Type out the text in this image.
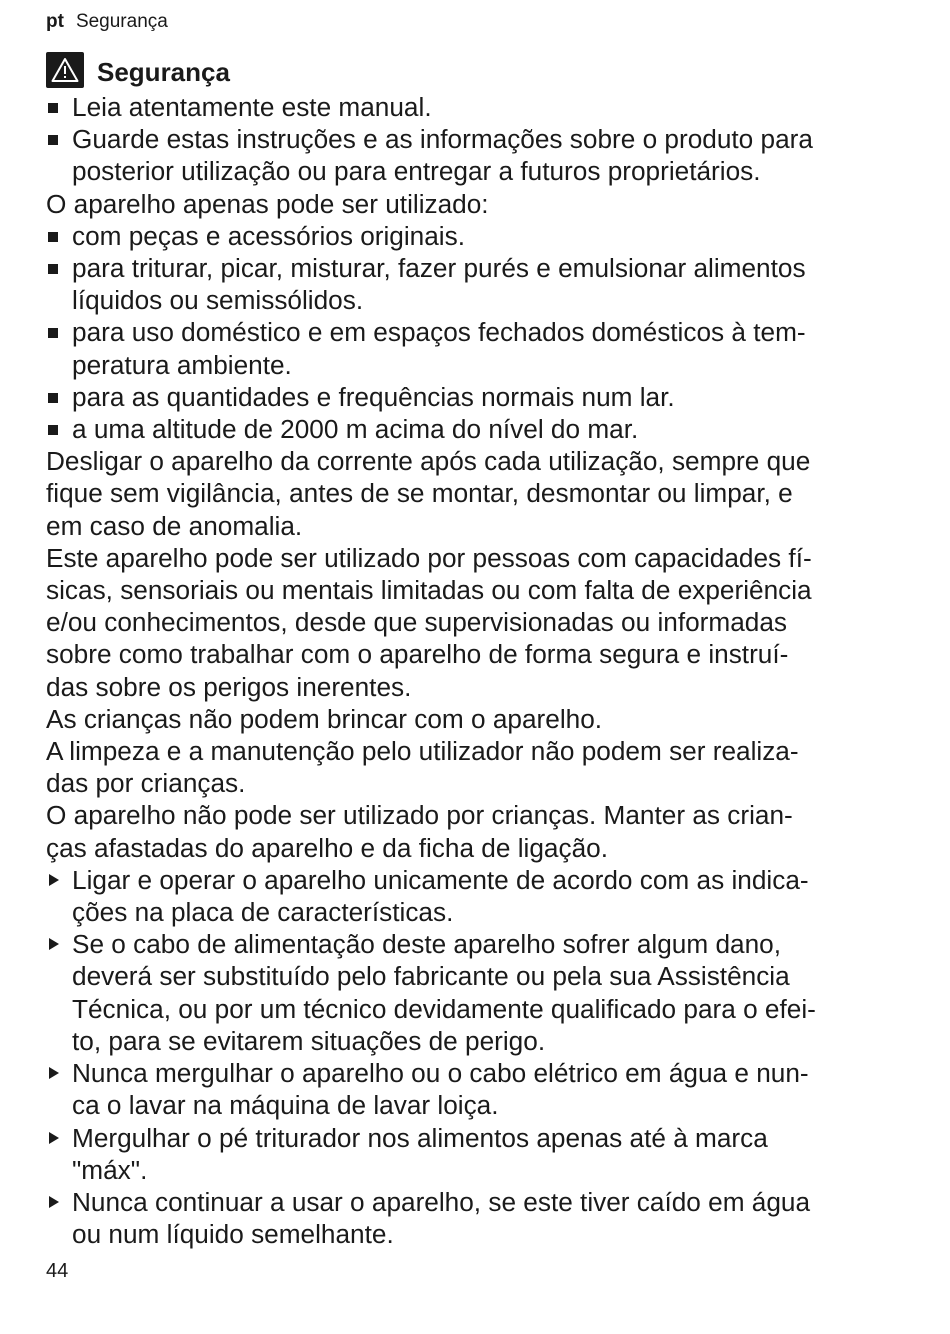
pt Segurança
Segurança
Leia atentamente este manual.
Guarde estas instruções e as informações sobre o produto para
posterior utilização ou para entregar a futuros proprietários.
O aparelho apenas pode ser utilizado:
com peças e acessórios originais.
para triturar, picar, misturar, fazer purés e emulsionar alimentos
líquidos ou semissólidos.
para uso doméstico e em espaços fechados domésticos à tem-
peratura ambiente.
para as quantidades e frequências normais num lar.
a uma altitude de 2000 m acima do nível do mar.
Desligar o aparelho da corrente após cada utilização, sempre que
fique sem vigilância, antes de se montar, desmontar ou limpar, e
em caso de anomalia.
Este aparelho pode ser utilizado por pessoas com capacidades fí-
sicas, sensoriais ou mentais limitadas ou com falta de experiência
e/ou conhecimentos, desde que supervisionadas ou informadas
sobre como trabalhar com o aparelho de forma segura e instruí-
das sobre os perigos inerentes.
As crianças não podem brincar com o aparelho.
A limpeza e a manutenção pelo utilizador não podem ser realiza-
das por crianças.
O aparelho não pode ser utilizado por crianças. Manter as crian-
ças afastadas do aparelho e da ficha de ligação.
Ligar e operar o aparelho unicamente de acordo com as indica-
ções na placa de características.
Se o cabo de alimentação deste aparelho sofrer algum dano,
deverá ser substituído pelo fabricante ou pela sua Assistência
Técnica, ou por um técnico devidamente qualificado para o efei-
to, para se evitarem situações de perigo.
Nunca mergulhar o aparelho ou o cabo elétrico em água e nun-
ca o lavar na máquina de lavar loiça.
Mergulhar o pé triturador nos alimentos apenas até à marca
"máx".
Nunca continuar a usar o aparelho, se este tiver caído em água
ou num líquido semelhante.
44
